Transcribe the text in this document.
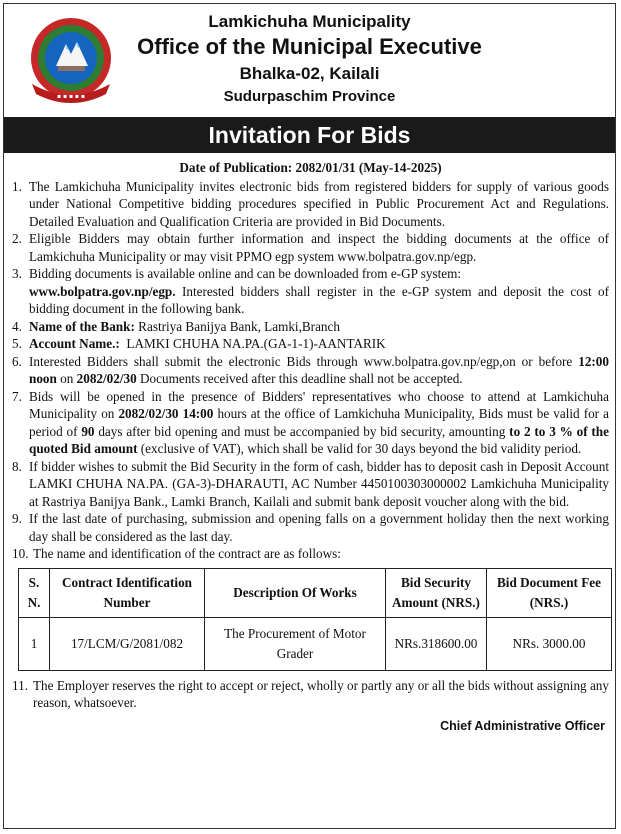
▪ ▪ ▪ ▪ ▪
Lamkichuha Municipality
Office of the Municipal Executive
Bhalka-02, Kailali
Sudurpaschim Province
Invitation For Bids
Date of Publication: 2082/01/31 (May-14-2025)
1. The Lamkichuha Municipality invites electronic bids from registered bidders for supply of various goods under National Competitive bidding procedures specified in Public Procurement Act and Regulations. Detailed Evaluation and Qualification Criteria are provided in Bid Documents.
2. Eligible Bidders may obtain further information and inspect the bidding documents at the office of Lamkichuha Municipality or may visit PPMO egp system www.bolpatra.gov.np/egp.
3. Bidding documents is available online and can be downloaded from e-GP system:
www.bolpatra.gov.np/egp. Interested bidders shall register in the e-GP system and deposit the cost of bidding document in the following bank.
4. Name of the Bank: Rastriya Banijya Bank, Lamki,Branch
5. Account Name.:  LAMKI CHUHA NA.PA.(GA-1-1)-AANTARIK
6. Interested Bidders shall submit the electronic Bids through www.bolpatra.gov.np/egp,on or before 12:00 noon on 2082/02/30 Documents received after this deadline shall not be accepted.
7. Bids will be opened in the presence of Bidders' representatives who choose to attend at Lamkichuha Municipality on 2082/02/30 14:00 hours at the office of Lamkichuha Municipality, Bids must be valid for a period of 90 days after bid opening and must be accompanied by bid security, amounting to 2 to 3 % of the quoted Bid amount (exclusive of VAT), which shall be valid for 30 days beyond the bid validity period.
8. If bidder wishes to submit the Bid Security in the form of cash, bidder has to deposit cash in Deposit Account LAMKI CHUHA NA.PA. (GA-3)-DHARAUTI, AC Number 4450100303000002 Lamkichuha Municipality at Rastriya Banijya Bank., Lamki Branch, Kailali and submit bank deposit voucher along with the bid.
9. If the last date of purchasing, submission and opening falls on a government holiday then the next working day shall be considered as the last day.
10. The name and identification of the contract are as follows:
S. N.	Contract Identification Number	Description Of Works	Bid Security Amount (NRS.)	Bid Document Fee (NRS.)
1	17/LCM/G/2081/082	The Procurement of Motor Grader	NRs.318600.00	NRs. 3000.00
11. The Employer reserves the right to accept or reject, wholly or partly any or all the bids without assigning any reason, whatsoever.
Chief Administrative Officer
